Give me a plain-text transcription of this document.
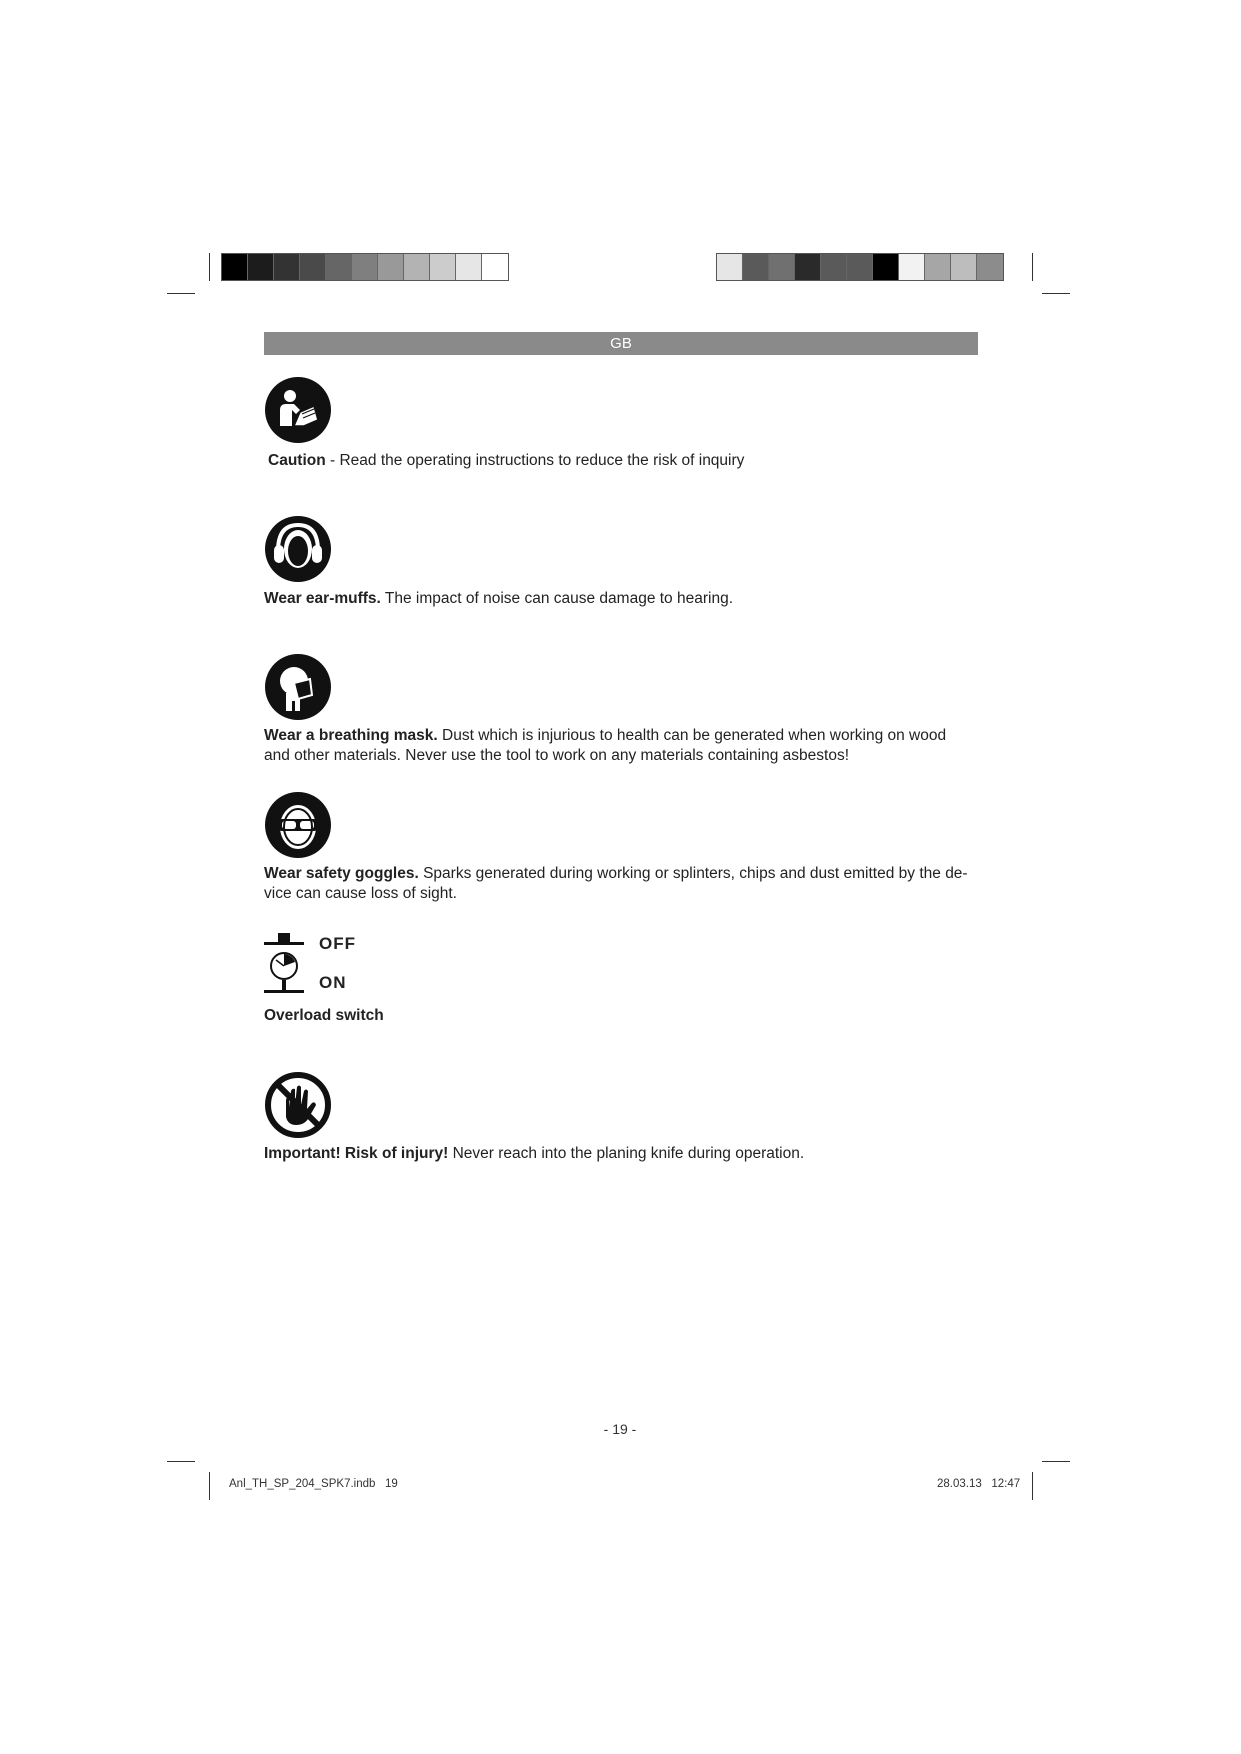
GB
Caution - Read the operating instructions to reduce the risk of inquiry
Wear ear-muffs. The impact of noise can cause damage to hearing.
Wear a breathing mask. Dust which is injurious to health can be generated when working on wood and other materials. Never use the tool to work on any materials containing asbestos!
Wear safety goggles. Sparks generated during working or splinters, chips and dust emitted by the de-vice can cause loss of sight.
OFF
ON
Overload switch
Important! Risk of injury! Never reach into the planing knife during operation.
- 19 -
Anl_TH_SP_204_SPK7.indb   19	28.03.13   12:47
